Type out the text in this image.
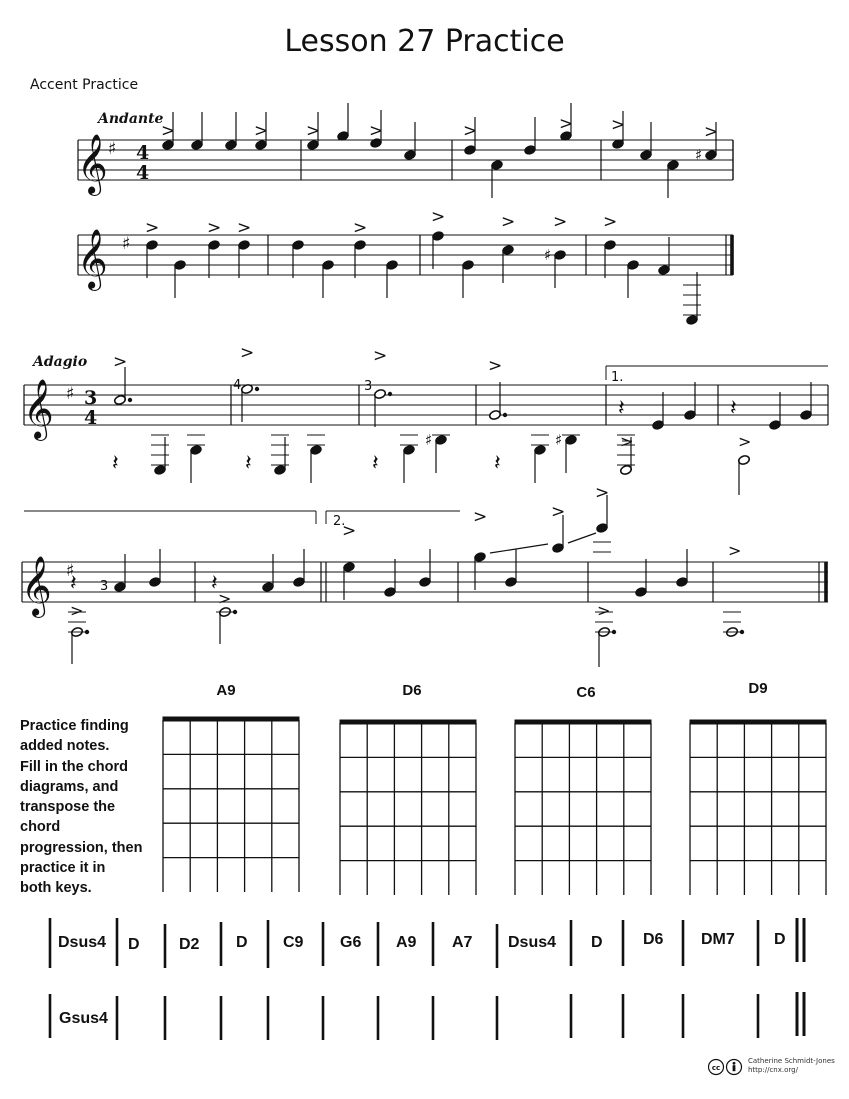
Lesson 27 Practice
Accent Practice
Andante
Adagio
𝄞 ♯ 4
4
>	> >	>	>	> >	>
♯
𝄞 ♯
>	> >	>
>	> >
♯
>
𝄞 ♯ 3
4
>
𝄽
4
>
𝄽
3
>
𝄽
♯
>
𝄽
♯
1.
𝄽
>
𝄽
>
𝄞 ♯
𝄽 3
>
𝄽
>
2.
>
>	>
>
>
>
A9	D6	C6	D9
Practice finding
added notes.
Fill in the chord
diagrams, and
transpose the
chord
progression, then
practice it in
both keys.
Dsus4 D D2 D C9 G6 A9 A7 Dsus4 D	D6 DM7 D
Gsus4
cc
Catherine Schmidt-Jones
http://cnx.org/
